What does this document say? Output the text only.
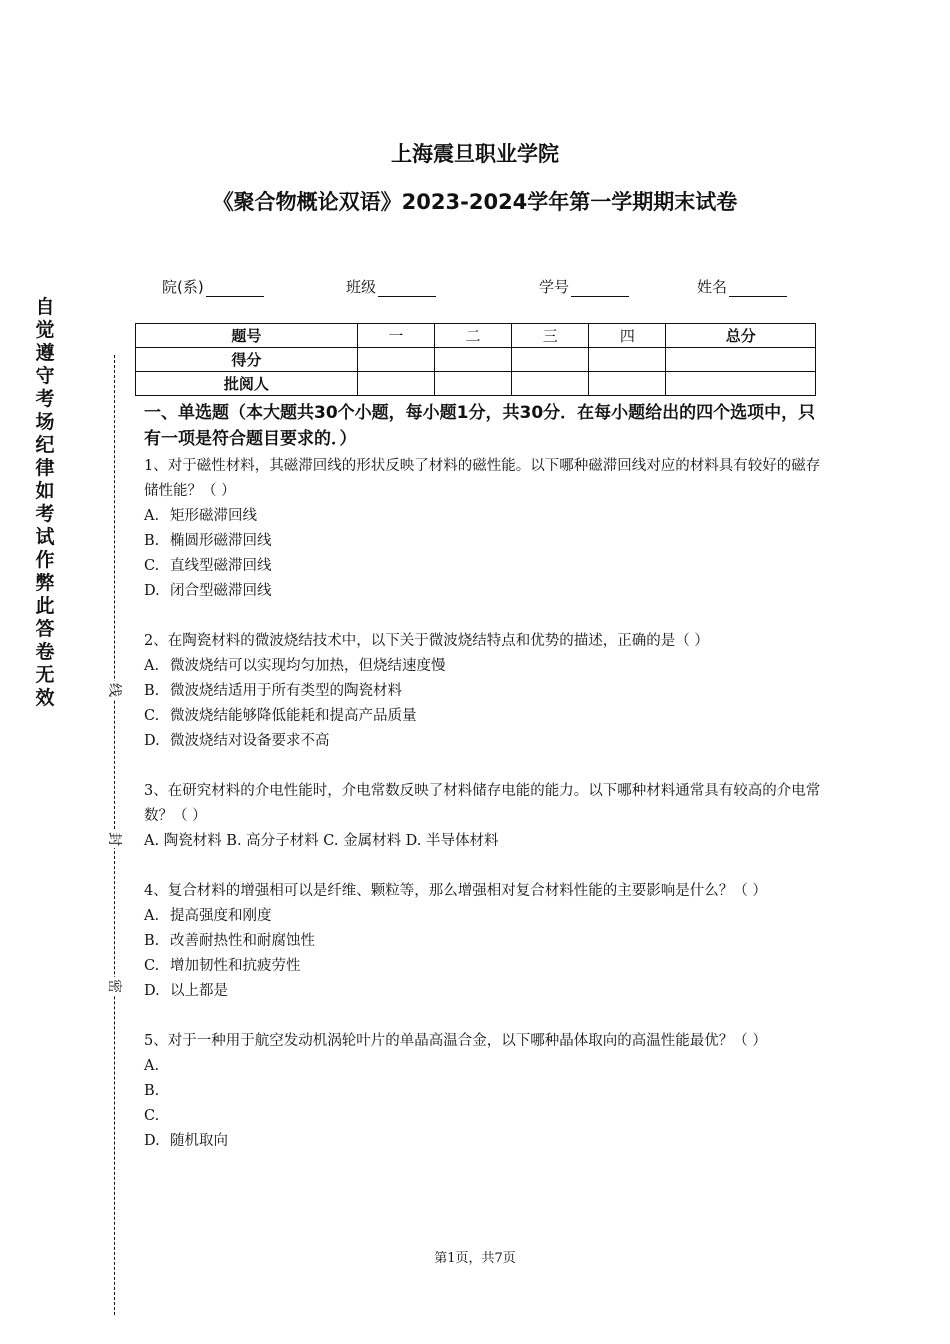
上海震旦职业学院
《聚合物概论双语》2023-2024学年第一学期期末试卷
自觉遵守考场纪律如考试作弊此答卷无效	线
封
密
院(系)	班级	学号	姓名
题号	一	二	三	四	总分
得分					
批阅人					
一、单选题（本大题共30个小题，每小题1分，共30分．在每小题给出的四个选项中，只有一项是符合题目要求的．）

1、对于磁性材料，其磁滞回线的形状反映了材料的磁性能。以下哪种磁滞回线对应的材料具有较好的磁存储性能？（ ）

A. 矩形磁滞回线

B. 椭圆形磁滞回线

C. 直线型磁滞回线

D. 闭合型磁滞回线

2、在陶瓷材料的微波烧结技术中，以下关于微波烧结特点和优势的描述，正确的是（ ）

A. 微波烧结可以实现均匀加热，但烧结速度慢

B. 微波烧结适用于所有类型的陶瓷材料

C. 微波烧结能够降低能耗和提高产品质量

D. 微波烧结对设备要求不高

3、在研究材料的介电性能时，介电常数反映了材料储存电能的能力。以下哪种材料通常具有较高的介电常数？（ ）

A. 陶瓷材料 B. 高分子材料 C. 金属材料 D. 半导体材料

4、复合材料的增强相可以是纤维、颗粒等，那么增强相对复合材料性能的主要影响是什么？（ ）

A. 提高强度和刚度

B. 改善耐热性和耐腐蚀性

C. 增加韧性和抗疲劳性

D. 以上都是

5、对于一种用于航空发动机涡轮叶片的单晶高温合金，以下哪种晶体取向的高温性能最优？（ ）

A.

B.

C.

D. 随机取向

第1页，共7页
